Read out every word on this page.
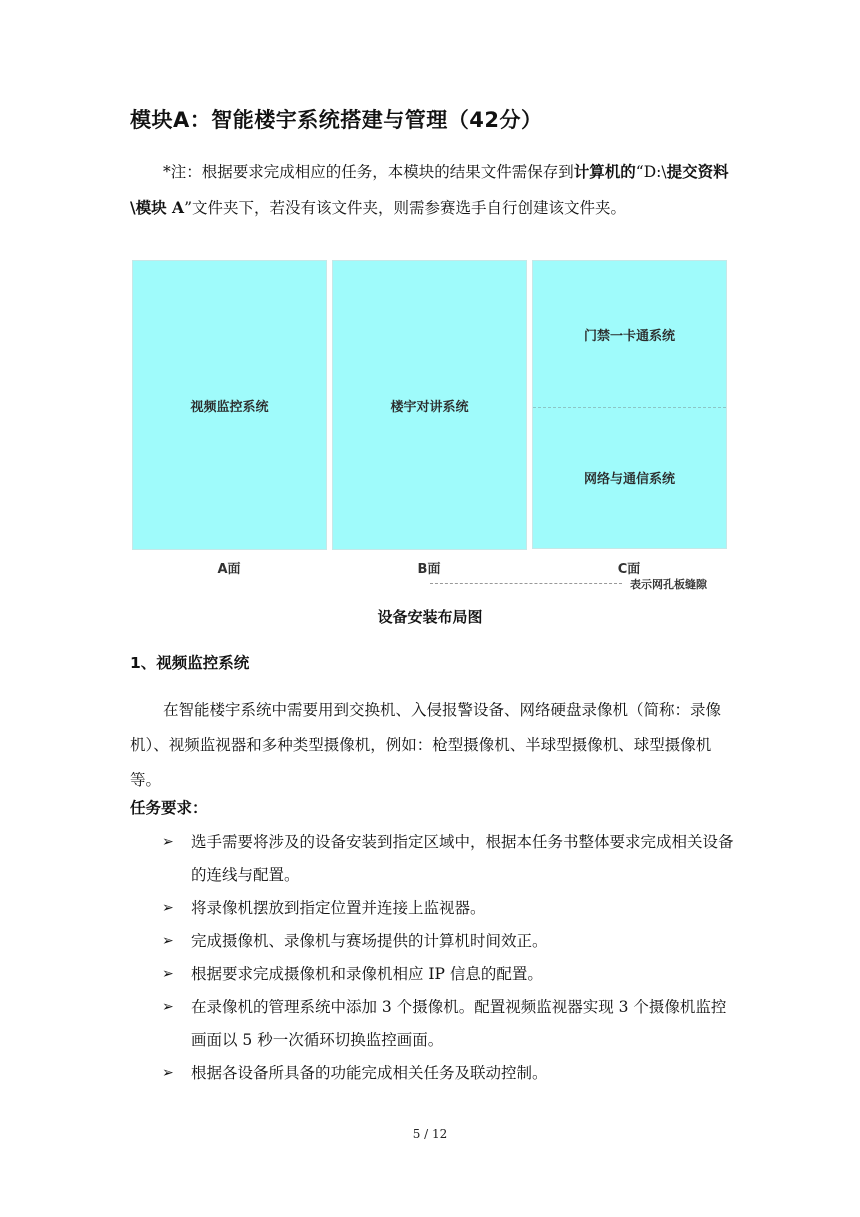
模块A：智能楼宇系统搭建与管理（42分）
*注：根据要求完成相应的任务，本模块的结果文件需保存到计算机的“D:\提交资料\模块 A”文件夹下，若没有该文件夹，则需参赛选手自行创建该文件夹。
视频监控系统	楼宇对讲系统
门禁一卡通系统
网络与通信系统
A面	B面	C面
表示网孔板缝隙
设备安装布局图
1、视频监控系统
在智能楼宇系统中需要用到交换机、入侵报警设备、网络硬盘录像机（简称：录像机）、视频监视器和多种类型摄像机，例如：枪型摄像机、半球型摄像机、球型摄像机等。
任务要求：
➢ 选手需要将涉及的设备安装到指定区域中，根据本任务书整体要求完成相关设备的连线与配置。
➢ 将录像机摆放到指定位置并连接上监视器。
➢ 完成摄像机、录像机与赛场提供的计算机时间效正。
➢ 根据要求完成摄像机和录像机相应 IP 信息的配置。
➢ 在录像机的管理系统中添加 3 个摄像机。配置视频监视器实现 3 个摄像机监控画面以 5 秒一次循环切换监控画面。
➢ 根据各设备所具备的功能完成相关任务及联动控制。
5 / 12
